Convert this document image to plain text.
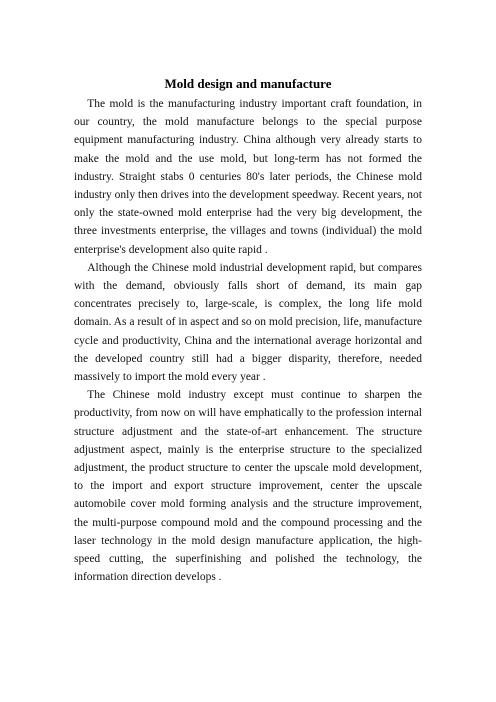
Mold design and manufacture

The mold is the manufacturing industry important craft foundation, in our country, the mold manufacture belongs to the special purpose equipment manufacturing industry. China although very already starts to make the mold and the use mold, but long-term has not formed the industry. Straight stabs 0 centuries 80's later periods, the Chinese mold industry only then drives into the development speedway. Recent years, not only the state-owned mold enterprise had the very big development, the three investments enterprise, the villages and towns (individual) the mold enterprise's development also quite rapid .

Although the Chinese mold industrial development rapid, but compares with the demand, obviously falls short of demand, its main gap concentrates precisely to, large-scale, is complex, the long life mold domain. As a result of in aspect and so on mold precision, life, manufacture cycle and productivity, China and the international average horizontal and the developed country still had a bigger disparity, therefore, needed massively to import the mold every year .

The Chinese mold industry except must continue to sharpen the productivity, from now on will have emphatically to the profession internal structure adjustment and the state-of-art enhancement. The structure adjustment aspect, mainly is the enterprise structure to the specialized adjustment, the product structure to center the upscale mold development, to the import and export structure improvement, center the upscale automobile cover mold forming analysis and the structure improvement, the multi-purpose compound mold and the compound processing and the laser technology in the mold design manufacture application, the high-speed cutting, the superfinishing and polished the technology, the information direction develops .
